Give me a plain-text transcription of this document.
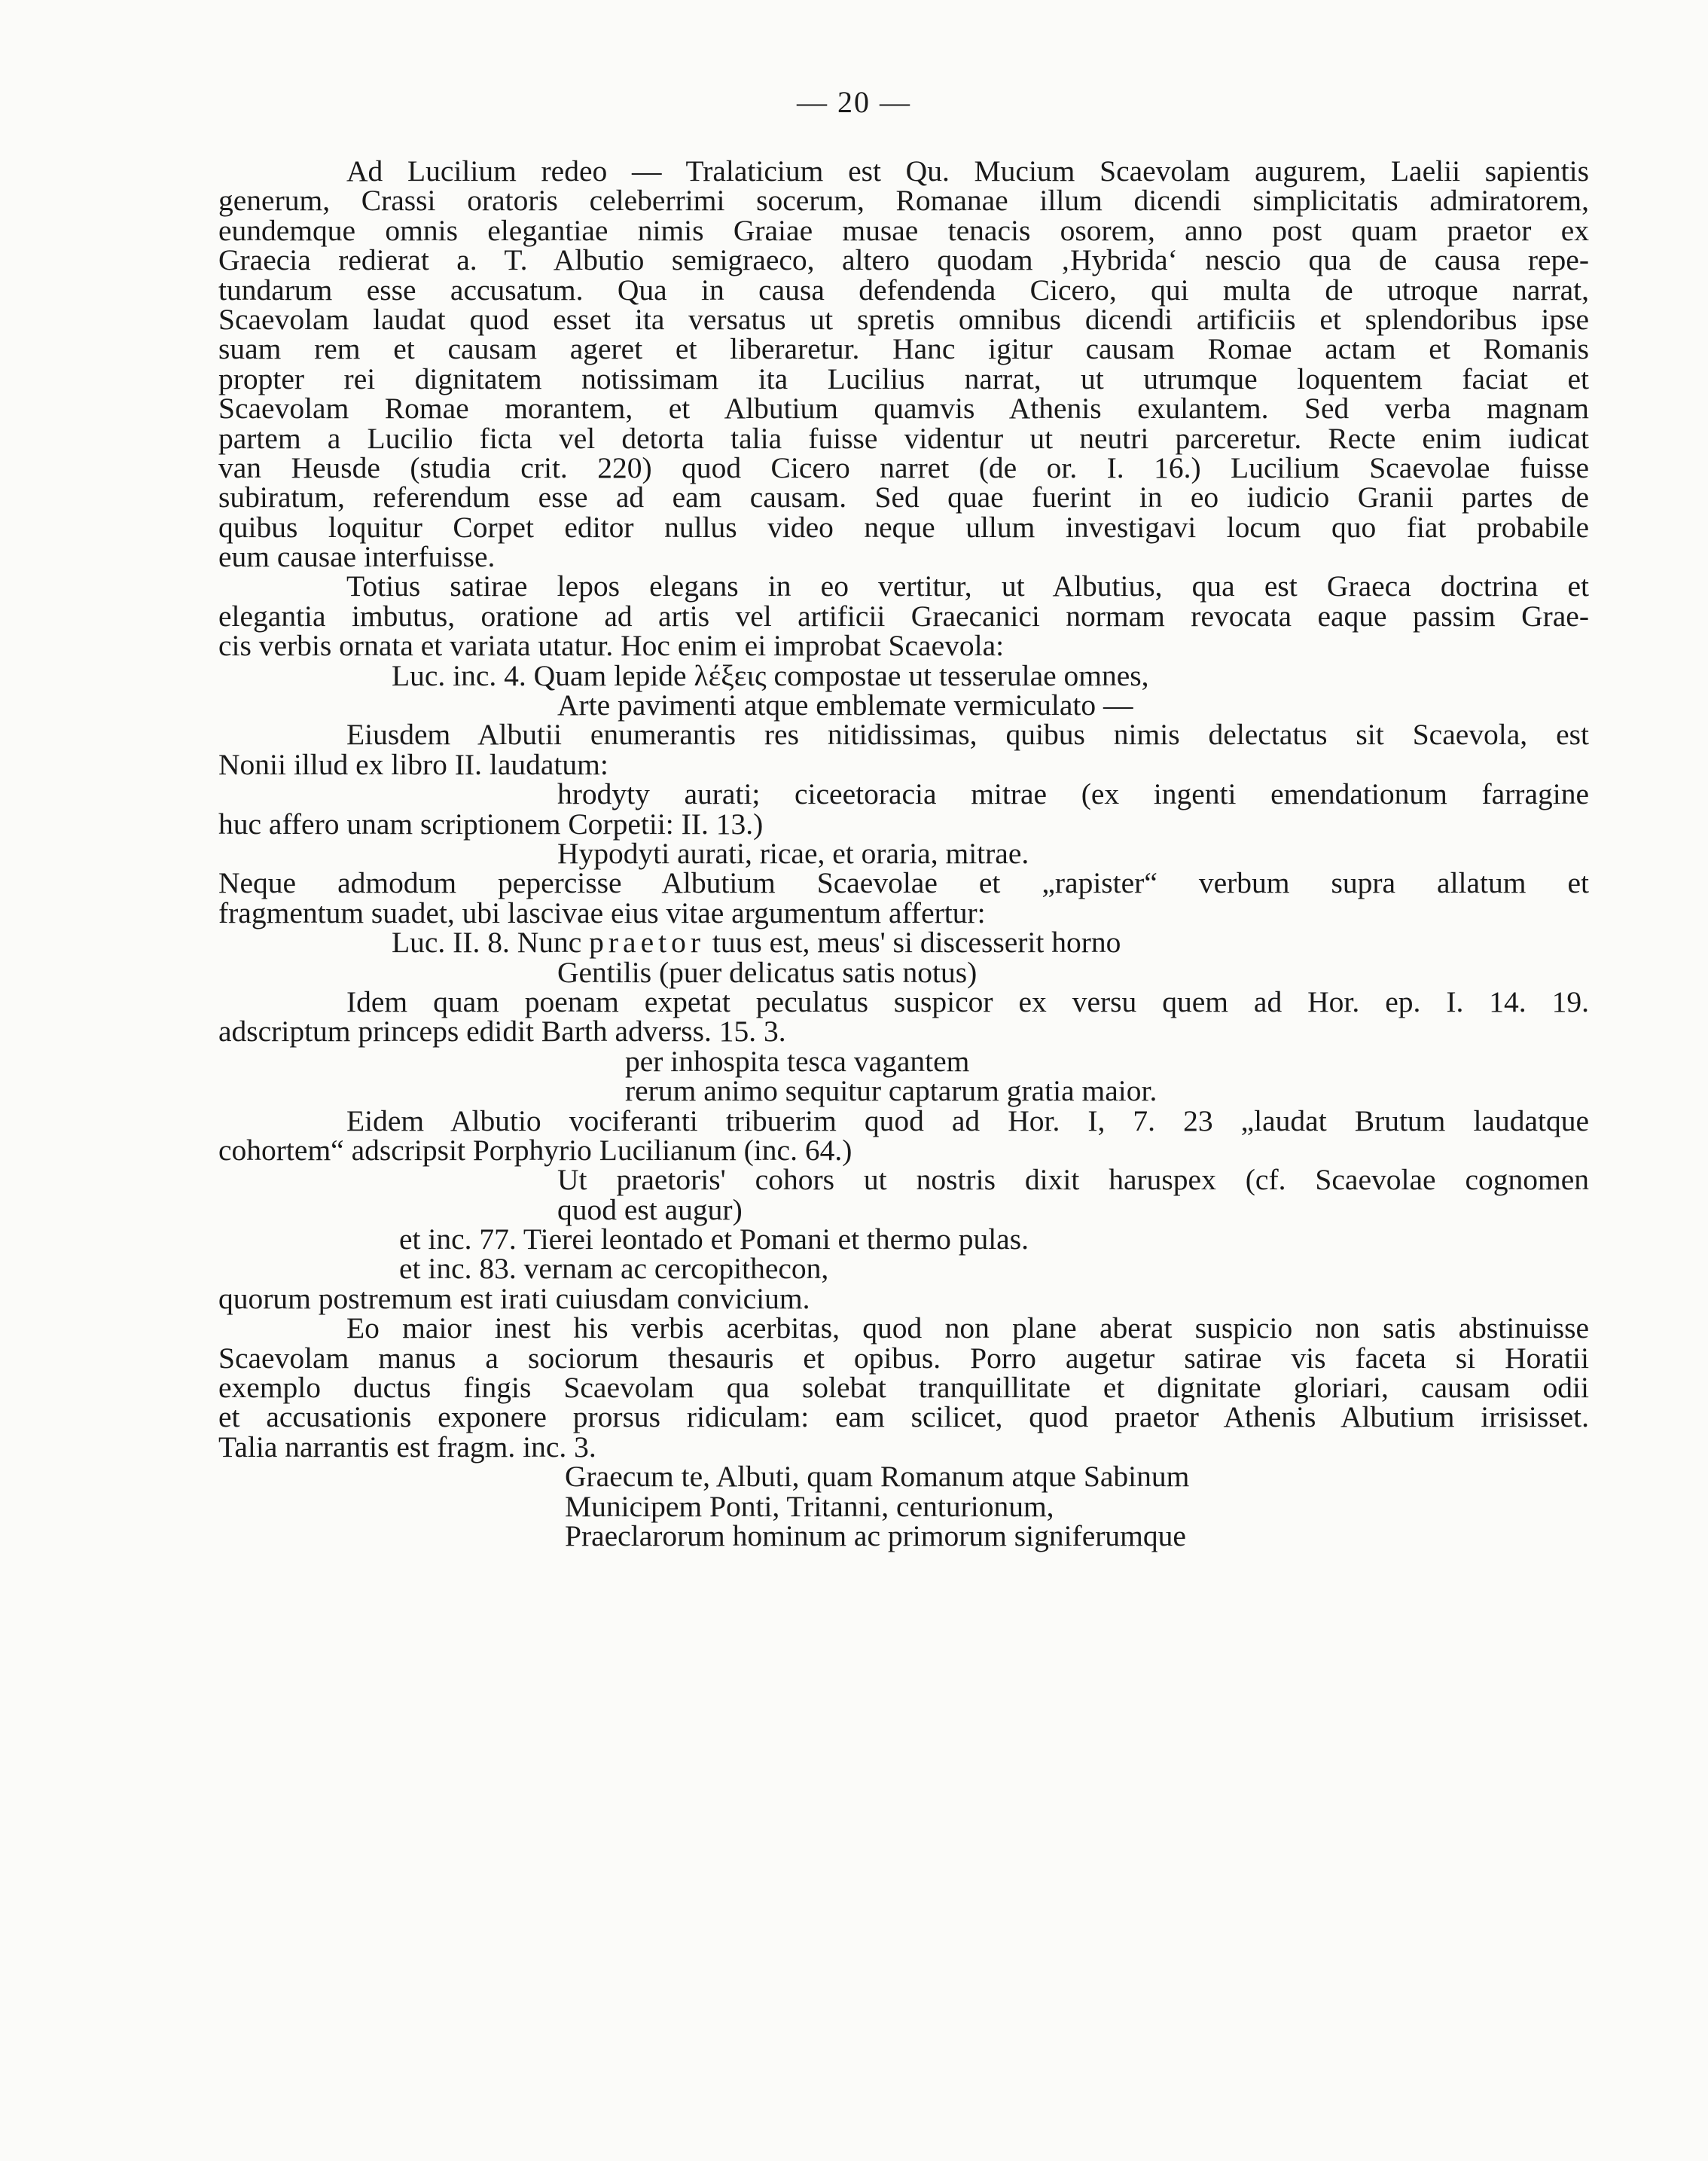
— 20 —
Ad Lucilium redeo — Tralaticium est Qu. Mucium Scaevolam augurem, Laelii sapientis
generum, Crassi oratoris celeberrimi socerum, Romanae illum dicendi simplicitatis admiratorem,
eundemque omnis elegantiae nimis Graiae musae tenacis osorem, anno post quam praetor ex
Graecia redierat a. T. Albutio semigraeco, altero quodam ‚Hybrida‘ nescio qua de causa repe-
tundarum esse accusatum. Qua in causa defendenda Cicero, qui multa de utroque narrat,
Scaevolam laudat quod esset ita versatus ut spretis omnibus dicendi artificiis et splendoribus ipse
suam rem et causam ageret et liberaretur. Hanc igitur causam Romae actam et Romanis
propter rei dignitatem notissimam ita Lucilius narrat, ut utrumque loquentem faciat et
Scaevolam Romae morantem, et Albutium quamvis Athenis exulantem. Sed verba magnam
partem a Lucilio ficta vel detorta talia fuisse videntur ut neutri parceretur. Recte enim iudicat
van Heusde (studia crit. 220) quod Cicero narret (de or. I. 16.) Lucilium Scaevolae fuisse
subiratum, referendum esse ad eam causam. Sed quae fuerint in eo iudicio Granii partes de
quibus loquitur Corpet editor nullus video neque ullum investigavi locum quo fiat probabile
eum causae interfuisse.
Totius satirae lepos elegans in eo vertitur, ut Albutius, qua est Graeca doctrina et
elegantia imbutus, oratione ad artis vel artificii Graecanici normam revocata eaque passim Grae-
cis verbis ornata et variata utatur. Hoc enim ei improbat Scaevola:
Luc. inc. 4. Quam lepide λέξεις compostae ut tesserulae omnes,
Arte pavimenti atque emblemate vermiculato —
Eiusdem Albutii enumerantis res nitidissimas, quibus nimis delectatus sit Scaevola, est
Nonii illud ex libro II. laudatum:
hrodyty aurati; ciceetoracia mitrae (ex ingenti emendationum farragine
huc affero unam scriptionem Corpetii: II. 13.)
Hypodyti aurati, ricae, et oraria, mitrae.
Neque admodum pepercisse Albutium Scaevolae et „rapister“ verbum supra allatum et
fragmentum suadet, ubi lascivae eius vitae argumentum affertur:
Luc. II. 8. Nunc praetor tuus est, meus' si discesserit horno
Gentilis (puer delicatus satis notus)
Idem quam poenam expetat peculatus suspicor ex versu quem ad Hor. ep. I. 14. 19.
adscriptum princeps edidit Barth adverss. 15. 3.
per inhospita tesca vagantem
rerum animo sequitur captarum gratia maior.
Eidem Albutio vociferanti tribuerim quod ad Hor. I, 7. 23 „laudat Brutum laudatque
cohortem“ adscripsit Porphyrio Lucilianum (inc. 64.)
Ut praetoris' cohors ut nostris dixit haruspex (cf. Scaevolae cognomen
quod est augur)
et inc. 77. Tierei leontado et Pomani et thermo pulas.
et inc. 83. vernam ac cercopithecon,
quorum postremum est irati cuiusdam convicium.
Eo maior inest his verbis acerbitas, quod non plane aberat suspicio non satis abstinuisse
Scaevolam manus a sociorum thesauris et opibus. Porro augetur satirae vis faceta si Horatii
exemplo ductus fingis Scaevolam qua solebat tranquillitate et dignitate gloriari, causam odii
et accusationis exponere prorsus ridiculam: eam scilicet, quod praetor Athenis Albutium irrisisset.
Talia narrantis est fragm. inc. 3.
Graecum te, Albuti, quam Romanum atque Sabinum
Municipem Ponti, Tritanni, centurionum,
Praeclarorum hominum ac primorum signiferumque
